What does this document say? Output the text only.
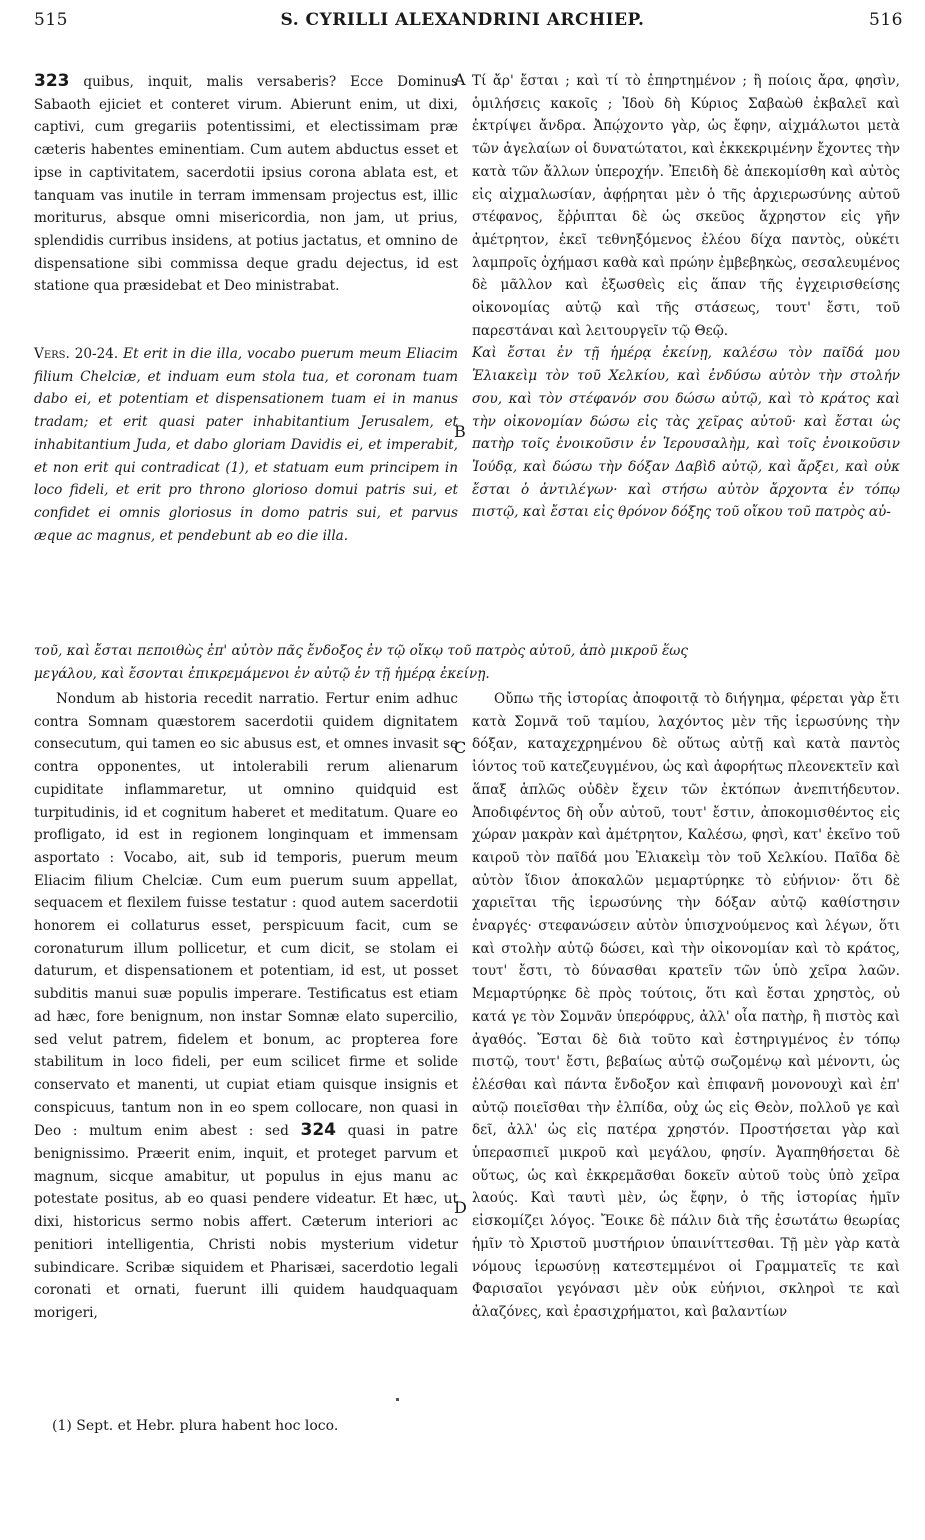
515	S. CYRILLI ALEXANDRINI ARCHIEP.	516
A
B
C
D

323 quibus, inquit, malis versaberis? Ecce Dominus Sabaoth ejiciet et conteret virum. Abierunt enim, ut dixi, captivi, cum gregariis potentissimi, et electissimam præ cæteris habentes eminentiam. Cum autem abductus esset et ipse in captivitatem, sacerdotii ipsius corona ablata est, et tanquam vas inutile in terram immensam projectus est, illic moriturus, absque omni misericordia, non jam, ut prius, splendidis curribus insidens, at potius jactatus, et omnino de dispensatione sibi commissa deque gradu dejectus, id est statione qua præsidebat et Deo ministrabat.

Vers. 20-24. Et erit in die illa, vocabo puerum meum Eliacim filium Chelciæ, et induam eum stola tua, et coronam tuam dabo ei, et potentiam et dispensationem tuam ei in manus tradam; et erit quasi pater inhabitantium Jerusalem, et inhabitantium Juda, et dabo gloriam Davidis ei, et imperabit, et non erit qui contradicat (1), et statuam eum principem in loco fideli, et erit pro throno glorioso domui patris sui, et confidet ei omnis gloriosus in domo patris sui, et parvus æque ac magnus, et pendebunt ab eo die illa.

Τί ἄρ' ἔσται ; καὶ τί τὸ ἐπηρτημένον ; ἢ ποίοις ἄρα, φησὶν, ὁμιλήσεις κακοῖς ; Ἰδοὺ δὴ Κύριος Σαβαὼθ ἐκβαλεῖ καὶ ἐκτρίψει ἄνδρα. Ἀπῴχοντο γὰρ, ὡς ἔφην, αἰχμάλωτοι μετὰ τῶν ἀγελαίων οἱ δυνατώτατοι, καὶ ἐκκεκριμένην ἔχοντες τὴν κατὰ τῶν ἄλλων ὑπεροχήν. Ἐπειδὴ δὲ ἀπεκομίσθη καὶ αὐτὸς εἰς αἰχμαλωσίαν, ἀφῄρηται μὲν ὁ τῆς ἀρχιερωσύνης αὐτοῦ στέφανος, ἔῤῥιπται δὲ ὡς σκεῦος ἄχρηστον εἰς γῆν ἀμέτρητον, ἐκεῖ τεθνηξόμενος ἐλέου δίχα παντὸς, οὐκέτι λαμπροῖς ὀχήμασι καθὰ καὶ πρώην ἐμβεβηκὼς, σεσαλευμένος δὲ μᾶλλον καὶ ἐξωσθεὶς εἰς ἅπαν τῆς ἐγχειρισθείσης οἰκονομίας αὐτῷ καὶ τῆς στάσεως, τουτ' ἔστι, τοῦ παρεστάναι καὶ λειτουργεῖν τῷ Θεῷ.

Καὶ ἔσται ἐν τῇ ἡμέρᾳ ἐκείνῃ, καλέσω τὸν παῖδά μου Ἐλιακεὶμ τὸν τοῦ Χελκίου, καὶ ἐνδύσω αὐτὸν τὴν στολήν σου, καὶ τὸν στέφανόν σου δώσω αὐτῷ, καὶ τὸ κράτος καὶ τὴν οἰκονομίαν δώσω εἰς τὰς χεῖρας αὐτοῦ· καὶ ἔσται ὡς πατὴρ τοῖς ἐνοικοῦσιν ἐν Ἱερουσαλὴμ, καὶ τοῖς ἐνοικοῦσιν Ἰούδᾳ, καὶ δώσω τὴν δόξαν Δαβὶδ αὐτῷ, καὶ ἄρξει, καὶ οὐκ ἔσται ὁ ἀντιλέγων· καὶ στήσω αὐτὸν ἄρχοντα ἐν τόπῳ πιστῷ, καὶ ἔσται εἰς θρόνον δόξης τοῦ οἴκου τοῦ πατρὸς αὐ-

τοῦ, καὶ ἔσται πεποιθὼς ἐπ' αὐτὸν πᾶς ἔνδοξος ἐν τῷ οἴκῳ τοῦ πατρὸς αὐτοῦ, ἀπὸ μικροῦ ἕως
μεγάλου, καὶ ἔσονται ἐπικρεμάμενοι ἐν αὐτῷ ἐν τῇ ἡμέρᾳ ἐκείνῃ.

Nondum ab historia recedit narratio. Fertur enim adhuc contra Somnam quæstorem sacerdotii quidem dignitatem consecutum, qui tamen eo sic abusus est, et omnes invasit se contra opponentes, ut intolerabili rerum alienarum cupiditate inflammaretur, ut omnino quidquid est turpitudinis, id et cognitum haberet et meditatum. Quare eo profligato, id est in regionem longinquam et immensam asportato : Vocabo, ait, sub id temporis, puerum meum Eliacim filium Chelciæ. Cum eum puerum suum appellat, sequacem et flexilem fuisse testatur : quod autem sacerdotii honorem ei collaturus esset, perspicuum facit, cum se coronaturum illum pollicetur, et cum dicit, se stolam ei daturum, et dispensationem et potentiam, id est, ut posset subditis manui suæ populis imperare. Testificatus est etiam ad hæc, fore benignum, non instar Somnæ elato supercilio, sed velut patrem, fidelem et bonum, ac propterea fore stabilitum in loco fideli, per eum scilicet firme et solide conservato et manenti, ut cupiat etiam quisque insignis et conspicuus, tantum non in eo spem collocare, non quasi in Deo : multum enim abest : sed 324 quasi in patre benignissimo. Præerit enim, inquit, et proteget parvum et magnum, sicque amabitur, ut populus in ejus manu ac potestate positus, ab eo quasi pendere videatur. Et hæc, ut dixi, historicus sermo nobis affert. Cæterum interiori ac penitiori intelligentia, Christi nobis mysterium videtur subindicare. Scribæ siquidem et Pharisæi, sacerdotio legali coronati et ornati, fuerunt illi quidem haudquaquam morigeri,

Οὔπω τῆς ἱστορίας ἀποφοιτᾷ τὸ διήγημα, φέρεται γὰρ ἔτι κατὰ Σομνᾶ τοῦ ταμίου, λαχόντος μὲν τῆς ἱερωσύνης τὴν δόξαν, καταχεχρημένου δὲ οὕτως αὐτῇ καὶ κατὰ παντὸς ἰόντος τοῦ κατεζευγμένου, ὡς καὶ ἀφορήτως πλεονεκτεῖν καὶ ἅπαξ ἁπλῶς οὐδὲν ἔχειν τῶν ἐκτόπων ἀνεπιτήδευτον. Ἀποδιφέντος δὴ οὖν αὐτοῦ, τουτ' ἔστιν, ἀποκομισθέντος εἰς χώραν μακρὰν καὶ ἀμέτρητον, Καλέσω, φησὶ, κατ' ἐκεῖνο τοῦ καιροῦ τὸν παῖδά μου Ἐλιακεὶμ τὸν τοῦ Χελκίου. Παῖδα δὲ αὐτὸν ἴδιον ἀποκαλῶν μεμαρτύρηκε τὸ εὐήνιον· ὅτι δὲ χαριεῖται τῆς ἱερωσύνης τὴν δόξαν αὐτῷ καθίστησιν ἐναργές· στεφανώσειν αὐτὸν ὑπισχνούμενος καὶ λέγων, ὅτι καὶ στολὴν αὐτῷ δώσει, καὶ τὴν οἰκονομίαν καὶ τὸ κράτος, τουτ' ἔστι, τὸ δύνασθαι κρατεῖν τῶν ὑπὸ χεῖρα λαῶν. Μεμαρτύρηκε δὲ πρὸς τούτοις, ὅτι καὶ ἔσται χρηστὸς, οὐ κατά γε τὸν Σομνᾶν ὑπερόφρυς, ἀλλ' οἷα πατὴρ, ἢ πιστὸς καὶ ἀγαθός. Ἔσται δὲ διὰ τοῦτο καὶ ἐστηριγμένος ἐν τόπῳ πιστῷ, τουτ' ἔστι, βεβαίως αὐτῷ σωζομένῳ καὶ μένοντι, ὡς ἐλέσθαι καὶ πάντα ἔνδοξον καὶ ἐπιφανῆ μονονουχὶ καὶ ἐπ' αὐτῷ ποιεῖσθαι τὴν ἐλπίδα, οὐχ ὡς εἰς Θεὸν, πολλοῦ γε καὶ δεῖ, ἀλλ' ὡς εἰς πατέρα χρηστόν. Προστήσεται γὰρ καὶ ὑπερασπιεῖ μικροῦ καὶ μεγάλου, φησίν. Ἀγαπηθήσεται δὲ οὕτως, ὡς καὶ ἐκκρεμᾶσθαι δοκεῖν αὐτοῦ τοὺς ὑπὸ χεῖρα λαούς. Καὶ ταυτὶ μὲν, ὡς ἔφην, ὁ τῆς ἱστορίας ἡμῖν εἰσκομίζει λόγος. Ἔοικε δὲ πάλιν διὰ τῆς ἐσωτάτω θεωρίας ἡμῖν τὸ Χριστοῦ μυστήριον ὑπαινίττεσθαι. Τῇ μὲν γὰρ κατὰ νόμους ἱερωσύνῃ κατεστεμμένοι οἱ Γραμματεῖς τε καὶ Φαρισαῖοι γεγόνασι μὲν οὐκ εὐήνιοι, σκληροὶ τε καὶ ἀλαζόνες, καὶ ἐρασιχρήματοι, καὶ βαλαντίων

(1) Sept. et Hebr. plura habent hoc loco.
